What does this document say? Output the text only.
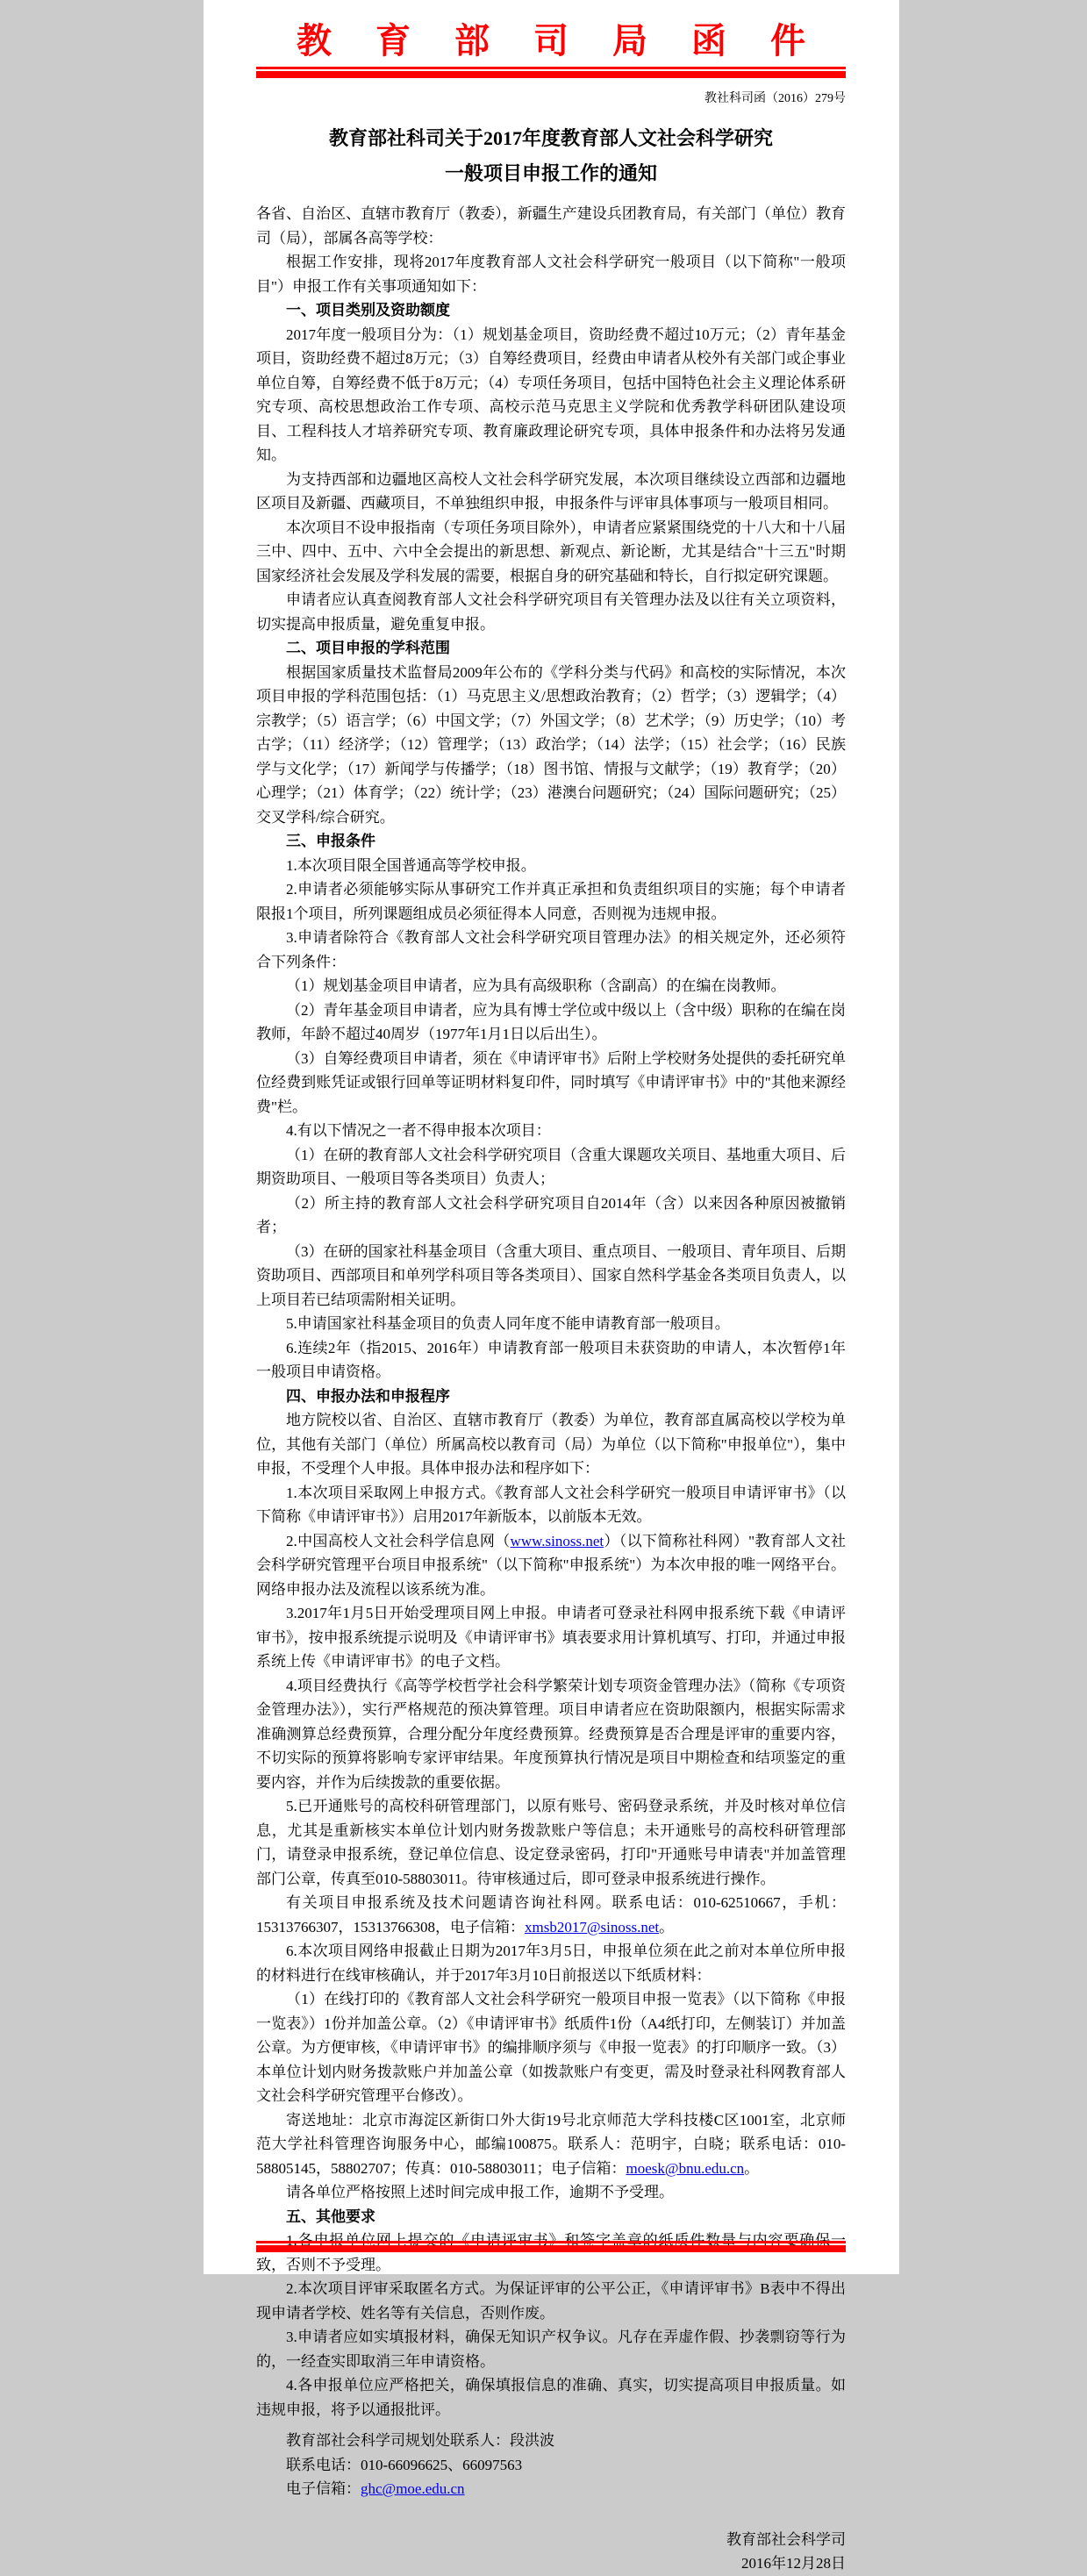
教 育 部 司 局 函 件
教社科司函（2016）279号
教育部社科司关于2017年度教育部人文社会科学研究
一般项目申报工作的通知

各省、自治区、直辖市教育厅（教委），新疆生产建设兵团教育局，有关部门（单位）教育司（局），部属各高等学校：

根据工作安排，现将2017年度教育部人文社会科学研究一般项目（以下简称"一般项目"）申报工作有关事项通知如下：

一、项目类别及资助额度

2017年度一般项目分为：（1）规划基金项目，资助经费不超过10万元；（2）青年基金项目，资助经费不超过8万元；（3）自筹经费项目，经费由申请者从校外有关部门或企事业单位自筹，自筹经费不低于8万元；（4）专项任务项目，包括中国特色社会主义理论体系研究专项、高校思想政治工作专项、高校示范马克思主义学院和优秀教学科研团队建设项目、工程科技人才培养研究专项、教育廉政理论研究专项，具体申报条件和办法将另发通知。

为支持西部和边疆地区高校人文社会科学研究发展，本次项目继续设立西部和边疆地区项目及新疆、西藏项目，不单独组织申报，申报条件与评审具体事项与一般项目相同。

本次项目不设申报指南（专项任务项目除外），申请者应紧紧围绕党的十八大和十八届三中、四中、五中、六中全会提出的新思想、新观点、新论断，尤其是结合"十三五"时期国家经济社会发展及学科发展的需要，根据自身的研究基础和特长，自行拟定研究课题。

申请者应认真查阅教育部人文社会科学研究项目有关管理办法及以往有关立项资料，切实提高申报质量，避免重复申报。

二、项目申报的学科范围

根据国家质量技术监督局2009年公布的《学科分类与代码》和高校的实际情况，本次项目申报的学科范围包括：（1）马克思主义/思想政治教育；（2）哲学；（3）逻辑学；（4）宗教学；（5）语言学；（6）中国文学；（7）外国文学；（8）艺术学；（9）历史学；（10）考古学；（11）经济学；（12）管理学；（13）政治学；（14）法学；（15）社会学；（16）民族学与文化学；（17）新闻学与传播学；（18）图书馆、情报与文献学；（19）教育学；（20）心理学；（21）体育学；（22）统计学；（23）港澳台问题研究；（24）国际问题研究；（25）交叉学科/综合研究。

三、申报条件

1.本次项目限全国普通高等学校申报。

2.申请者必须能够实际从事研究工作并真正承担和负责组织项目的实施；每个申请者限报1个项目，所列课题组成员必须征得本人同意，否则视为违规申报。

3.申请者除符合《教育部人文社会科学研究项目管理办法》的相关规定外，还必须符合下列条件：

（1）规划基金项目申请者，应为具有高级职称（含副高）的在编在岗教师。

（2）青年基金项目申请者，应为具有博士学位或中级以上（含中级）职称的在编在岗教师，年龄不超过40周岁（1977年1月1日以后出生）。

（3）自筹经费项目申请者，须在《申请评审书》后附上学校财务处提供的委托研究单位经费到账凭证或银行回单等证明材料复印件，同时填写《申请评审书》中的"其他来源经费"栏。

4.有以下情况之一者不得申报本次项目：

（1）在研的教育部人文社会科学研究项目（含重大课题攻关项目、基地重大项目、后期资助项目、一般项目等各类项目）负责人；

（2）所主持的教育部人文社会科学研究项目自2014年（含）以来因各种原因被撤销者；

（3）在研的国家社科基金项目（含重大项目、重点项目、一般项目、青年项目、后期资助项目、西部项目和单列学科项目等各类项目）、国家自然科学基金各类项目负责人，以上项目若已结项需附相关证明。

5.申请国家社科基金项目的负责人同年度不能申请教育部一般项目。

6.连续2年（指2015、2016年）申请教育部一般项目未获资助的申请人，本次暂停1年一般项目申请资格。

四、申报办法和申报程序

地方院校以省、自治区、直辖市教育厅（教委）为单位，教育部直属高校以学校为单位，其他有关部门（单位）所属高校以教育司（局）为单位（以下简称"申报单位"），集中申报，不受理个人申报。具体申报办法和程序如下：

1.本次项目采取网上申报方式。《教育部人文社会科学研究一般项目申请评审书》（以下简称《申请评审书》）启用2017年新版本，以前版本无效。

2.中国高校人文社会科学信息网（www.sinoss.net）（以下简称社科网）"教育部人文社会科学研究管理平台项目申报系统"（以下简称"申报系统"）为本次申报的唯一网络平台。网络申报办法及流程以该系统为准。

3.2017年1月5日开始受理项目网上申报。申请者可登录社科网申报系统下载《申请评审书》，按申报系统提示说明及《申请评审书》填表要求用计算机填写、打印，并通过申报系统上传《申请评审书》的电子文档。

4.项目经费执行《高等学校哲学社会科学繁荣计划专项资金管理办法》（简称《专项资金管理办法》），实行严格规范的预决算管理。项目申请者应在资助限额内，根据实际需求准确测算总经费预算，合理分配分年度经费预算。经费预算是否合理是评审的重要内容，不切实际的预算将影响专家评审结果。年度预算执行情况是项目中期检查和结项鉴定的重要内容，并作为后续拨款的重要依据。

5.已开通账号的高校科研管理部门，以原有账号、密码登录系统，并及时核对单位信息，尤其是重新核实本单位计划内财务拨款账户等信息；未开通账号的高校科研管理部门，请登录申报系统，登记单位信息、设定登录密码，打印"开通账号申请表"并加盖管理部门公章，传真至010-58803011。待审核通过后，即可登录申报系统进行操作。

有关项目申报系统及技术问题请咨询社科网。联系电话：010-62510667，手机：15313766307，15313766308，电子信箱：xmsb2017@sinoss.net。

6.本次项目网络申报截止日期为2017年3月5日，申报单位须在此之前对本单位所申报的材料进行在线审核确认，并于2017年3月10日前报送以下纸质材料：

（1）在线打印的《教育部人文社会科学研究一般项目申报一览表》（以下简称《申报一览表》）1份并加盖公章。（2）《申请评审书》纸质件1份（A4纸打印，左侧装订）并加盖公章。为方便审核，《申请评审书》的编排顺序须与《申报一览表》的打印顺序一致。（3）本单位计划内财务拨款账户并加盖公章（如拨款账户有变更，需及时登录社科网教育部人文社会科学研究管理平台修改）。

寄送地址：北京市海淀区新街口外大街19号北京师范大学科技楼C区1001室，北京师范大学社科管理咨询服务中心，邮编100875。联系人：范明宇，白晓；联系电话：010-58805145，58802707；传真：010-58803011；电子信箱：moesk@bnu.edu.cn。

请各单位严格按照上述时间完成申报工作，逾期不予受理。

五、其他要求

致，否则不予受理。

2.本次项目评审采取匿名方式。为保证评审的公平公正，《申请评审书》B表中不得出现申请者学校、姓名等有关信息，否则作废。

3.申请者应如实填报材料，确保无知识产权争议。凡存在弄虚作假、抄袭剽窃等行为的，一经查实即取消三年申请资格。

4.各申报单位应严格把关，确保填报信息的准确、真实，切实提高项目申报质量。如违规申报，将予以通报批评。

教育部社会科学司规划处联系人：段洪波

联系电话：010-66096625、66097563

电子信箱：ghc@moe.edu.cn

教育部社会科学司
2016年12月28日
